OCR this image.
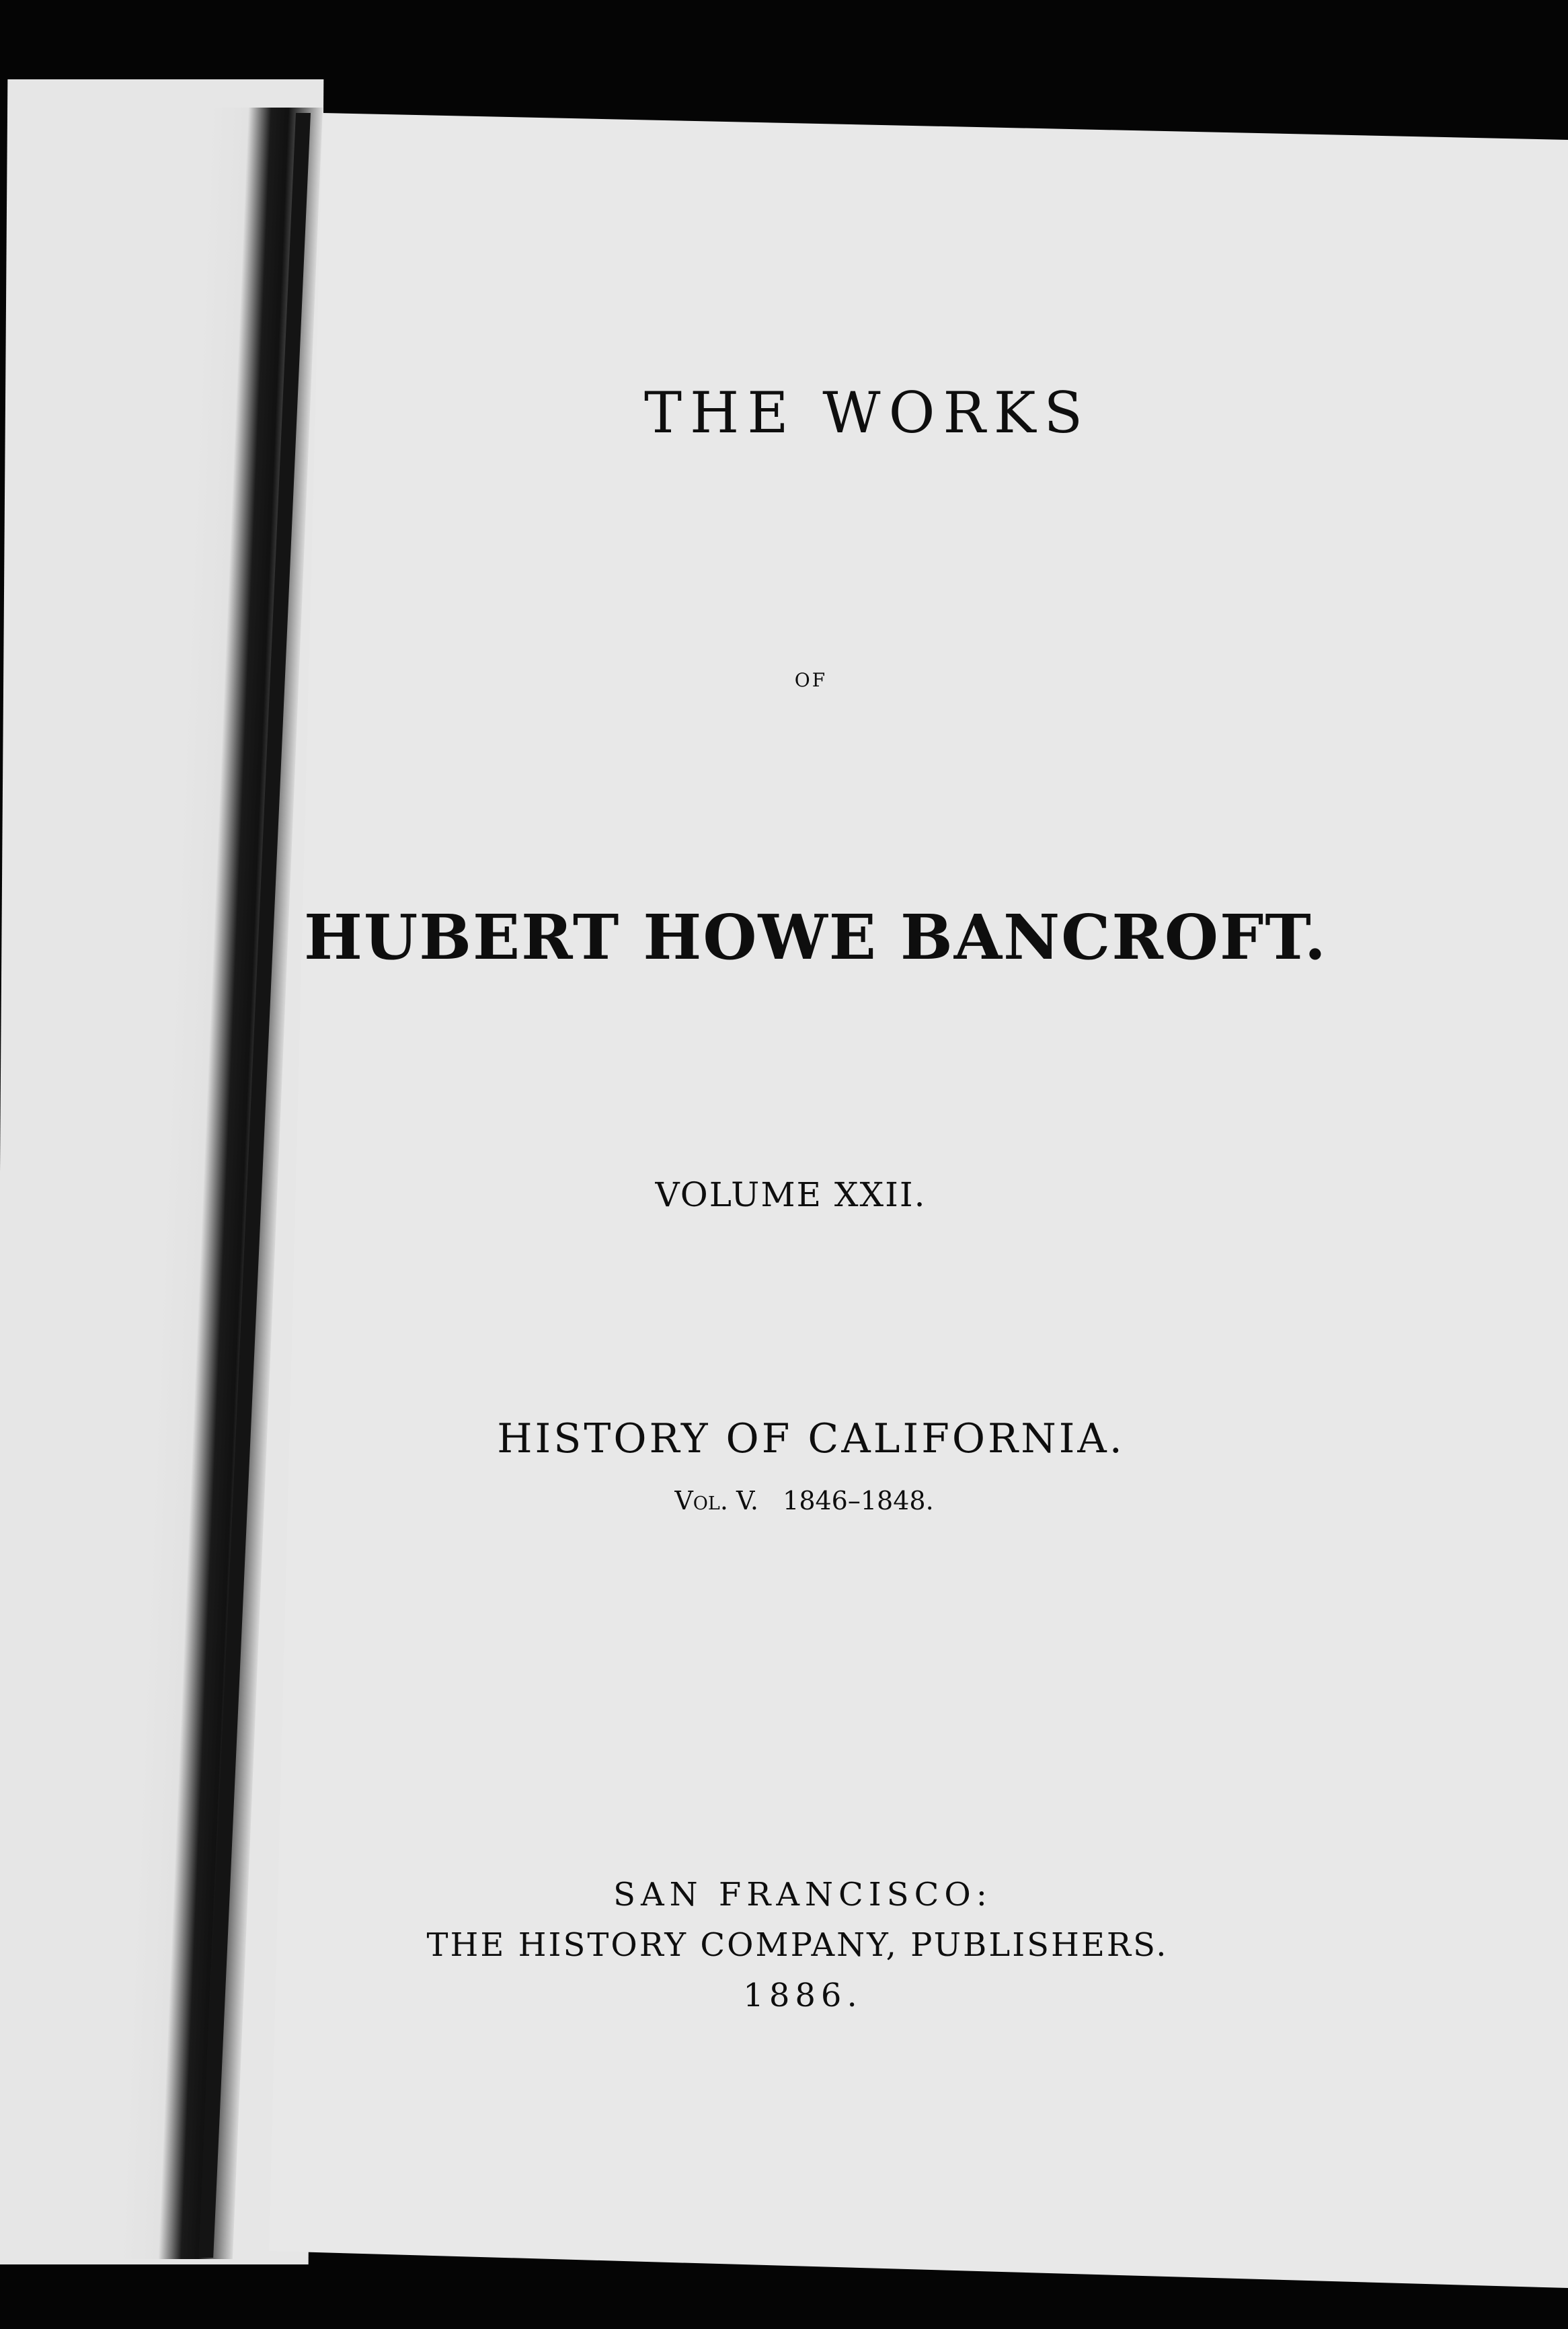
THE WORKS
OF
HUBERT HOWE BANCROFT.
VOLUME XXII.
HISTORY OF CALIFORNIA.
Vol. V. 1846–1848.
SAN FRANCISCO:
THE HISTORY COMPANY, PUBLISHERS.
1886.
